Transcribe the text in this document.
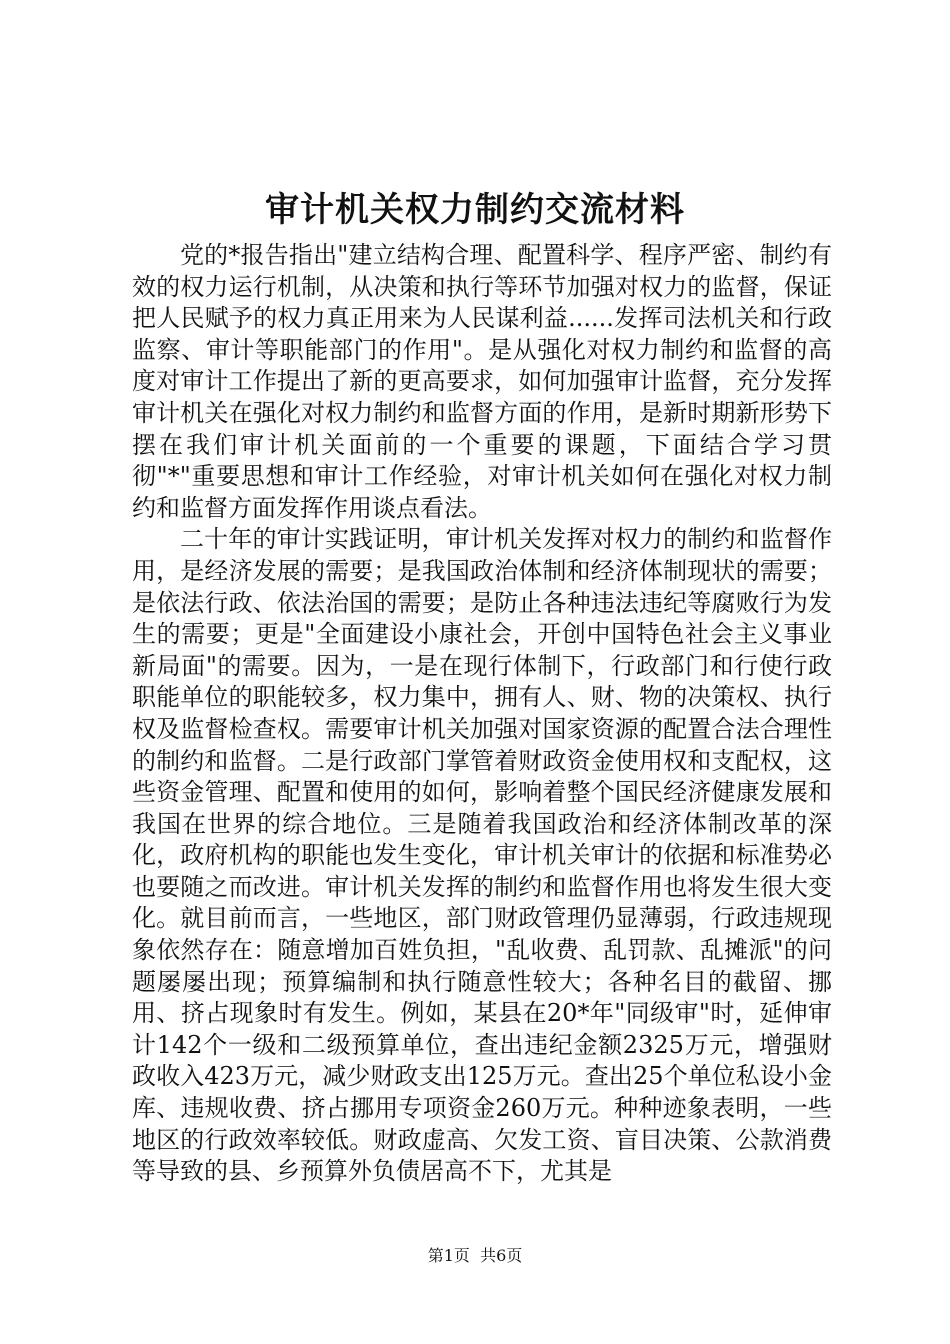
审计机关权力制约交流材料

党的*报告指出"建立结构合理、配置科学、程序严密、制约有效的权力运行机制，从决策和执行等环节加强对权力的监督，保证把人民赋予的权力真正用来为人民谋利益......发挥司法机关和行政监察、审计等职能部门的作用"。是从强化对权力制约和监督的高度对审计工作提出了新的更高要求，如何加强审计监督，充分发挥审计机关在强化对权力制约和监督方面的作用，是新时期新形势下摆在我们审计机关面前的一个重要的课题，下面结合学习贯彻"*"重要思想和审计工作经验，对审计机关如何在强化对权力制约和监督方面发挥作用谈点看法。

二十年的审计实践证明，审计机关发挥对权力的制约和监督作用，是经济发展的需要；是我国政治体制和经济体制现状的需要；是依法行政、依法治国的需要；是防止各种违法违纪等腐败行为发生的需要；更是"全面建设小康社会，开创中国特色社会主义事业新局面"的需要。因为，一是在现行体制下，行政部门和行使行政职能单位的职能较多，权力集中，拥有人、财、物的决策权、执行权及监督检查权。需要审计机关加强对国家资源的配置合法合理性的制约和监督。二是行政部门掌管着财政资金使用权和支配权，这些资金管理、配置和使用的如何，影响着整个国民经济健康发展和我国在世界的综合地位。三是随着我国政治和经济体制改革的深化，政府机构的职能也发生变化，审计机关审计的依据和标准势必也要随之而改进。审计机关发挥的制约和监督作用也将发生很大变化。就目前而言，一些地区，部门财政管理仍显薄弱，行政违规现象依然存在：随意增加百姓负担，"乱收费、乱罚款、乱摊派"的问题屡屡出现；预算编制和执行随意性较大；各种名目的截留、挪用、挤占现象时有发生。例如，某县在20*年"同级审"时，延伸审计142个一级和二级预算单位，查出违纪金额2325万元，增强财政收入423万元，减少财政支出125万元。查出25个单位私设小金库、违规收费、挤占挪用专项资金260万元。种种迹象表明，一些地区的行政效率较低。财政虚高、欠发工资、盲目决策、公款消费等导致的县、乡预算外负债居高不下，尤其是

第1页 共6页
